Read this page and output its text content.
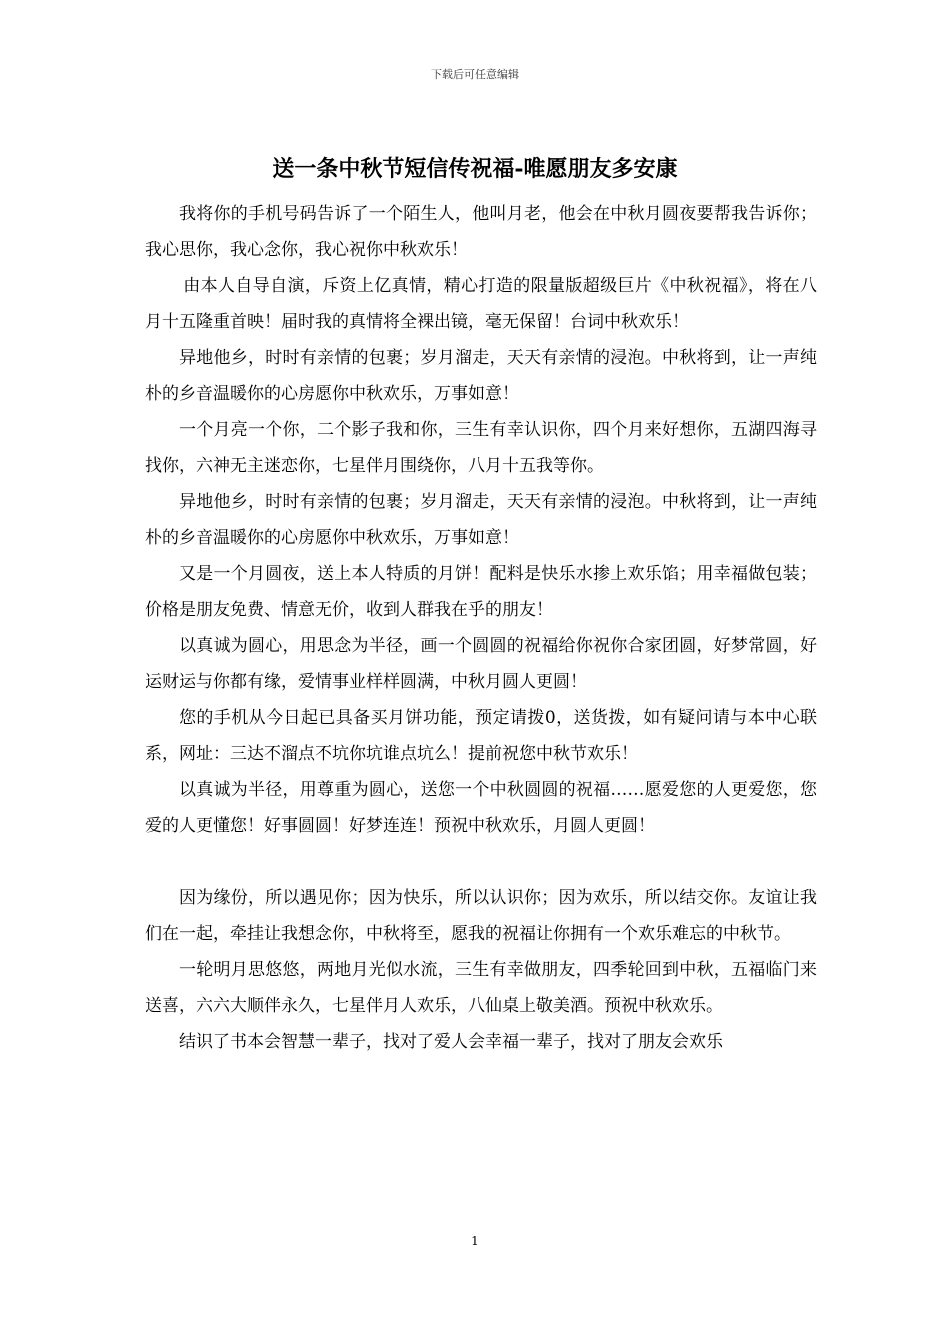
下载后可任意编辑
送一条中秋节短信传祝福-唯愿朋友多安康

我将你的手机号码告诉了一个陌生人，他叫月老，他会在中秋月圆夜要帮我告诉你；我心思你，我心念你，我心祝你中秋欢乐！

由本人自导自演，斥资上亿真情，精心打造的限量版超级巨片《中秋祝福》，将在八月十五隆重首映！届时我的真情将全裸出镜，毫无保留！台词中秋欢乐！

异地他乡，时时有亲情的包裹；岁月溜走，天天有亲情的浸泡。中秋将到，让一声纯朴的乡音温暖你的心房愿你中秋欢乐，万事如意！

一个月亮一个你，二个影子我和你，三生有幸认识你，四个月来好想你，五湖四海寻找你，六神无主迷恋你，七星伴月围绕你，八月十五我等你。

异地他乡，时时有亲情的包裹；岁月溜走，天天有亲情的浸泡。中秋将到，让一声纯朴的乡音温暖你的心房愿你中秋欢乐，万事如意！

又是一个月圆夜，送上本人特质的月饼！配料是快乐水掺上欢乐馅；用幸福做包装；价格是朋友免费、情意无价，收到人群我在乎的朋友！

以真诚为圆心，用思念为半径，画一个圆圆的祝福给你祝你合家团圆，好梦常圆，好运财运与你都有缘，爱情事业样样圆满，中秋月圆人更圆！

您的手机从今日起已具备买月饼功能，预定请拨0，送货拨，如有疑问请与本中心联系，网址：三达不溜点不坑你坑谁点坑么！提前祝您中秋节欢乐！

以真诚为半径，用尊重为圆心，送您一个中秋圆圆的祝福……愿爱您的人更爱您，您爱的人更懂您！好事圆圆！好梦连连！预祝中秋欢乐，月圆人更圆！

因为缘份，所以遇见你；因为快乐，所以认识你；因为欢乐，所以结交你。友谊让我们在一起，牵挂让我想念你，中秋将至，愿我的祝福让你拥有一个欢乐难忘的中秋节。

一轮明月思悠悠，两地月光似水流，三生有幸做朋友，四季轮回到中秋，五福临门来送喜，六六大顺伴永久，七星伴月人欢乐，八仙桌上敬美酒。预祝中秋欢乐。

结识了书本会智慧一辈子，找对了爱人会幸福一辈子，找对了朋友会欢乐

1
